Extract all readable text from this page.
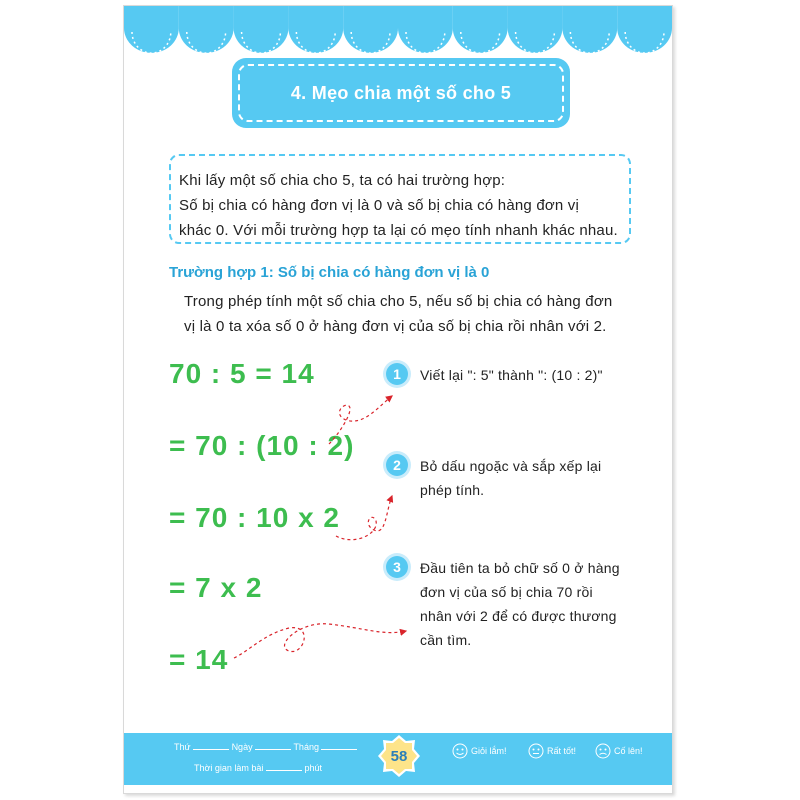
4. Mẹo chia một số cho 5
Khi lấy một số chia cho 5, ta có hai trường hợp:
Số bị chia có hàng đơn vị là 0 và số bị chia có hàng đơn vị
khác 0. Với mỗi trường hợp ta lại có mẹo tính nhanh khác nhau.
Trường hợp 1: Số bị chia có hàng đơn vị là 0
Trong phép tính một số chia cho 5, nếu số bị chia có hàng đơn
vị là 0 ta xóa số 0 ở hàng đơn vị của số bị chia rồi nhân với 2.
70 : 5 = 14
= 70 : (10 : 2)
= 70 : 10 x 2
= 7 x 2
= 14
1	Viết lại ": 5" thành ": (10 : 2)"
2	Bỏ dấu ngoặc và sắp xếp lại
phép tính.
3	Đầu tiên ta bỏ chữ số 0 ở hàng
đơn vị của số bị chia 70 rồi
nhân với 2 để có được thương
cần tìm.
Thứ	Ngày	Tháng
Thời gian làm bài	phút
Giỏi lắm!	Rất tốt!	Cố lên!
58
